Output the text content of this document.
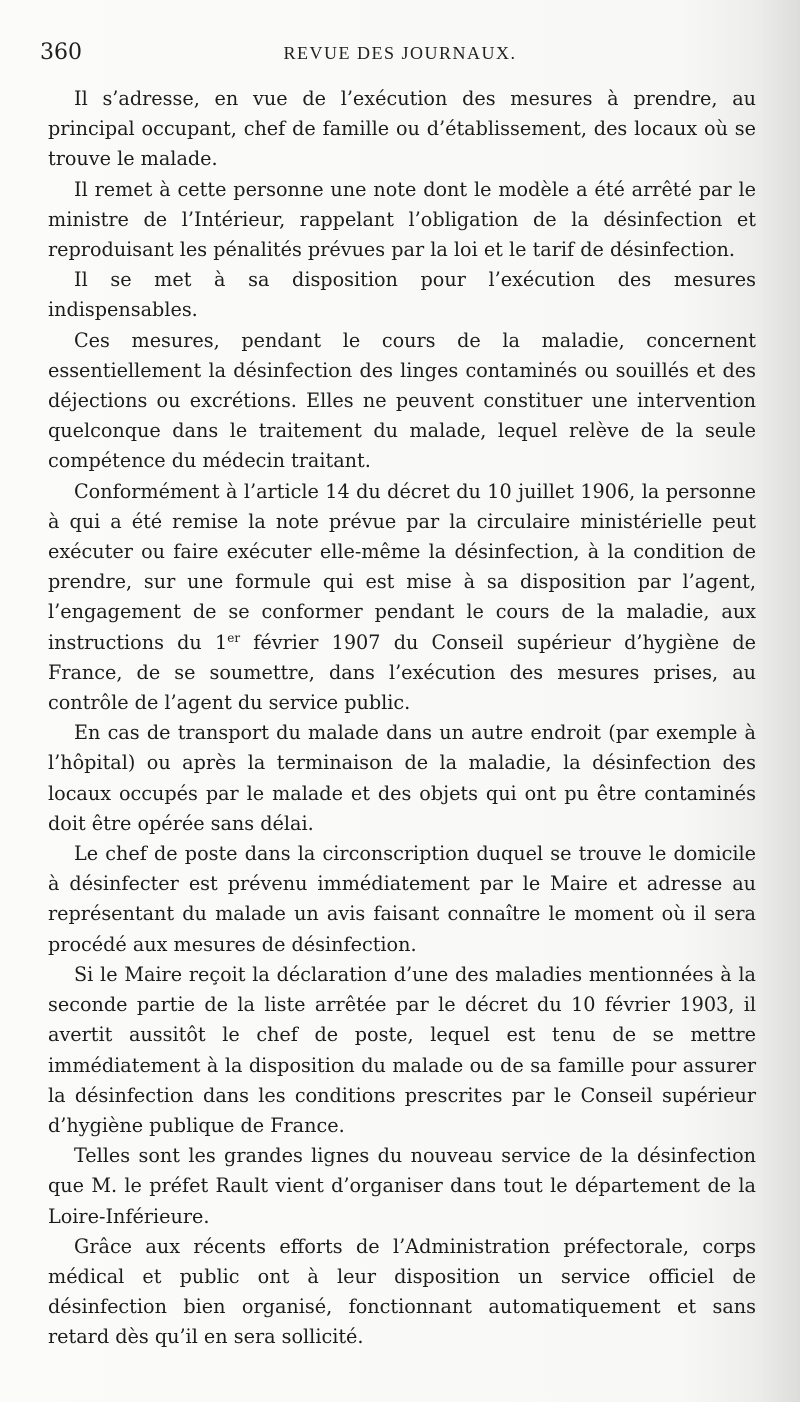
360	REVUE DES JOURNAUX.

Il s’adresse, en vue de l’exécution des mesures à prendre, au principal occupant, chef de famille ou d’établissement, des locaux où se trouve le malade.

Il remet à cette personne une note dont le modèle a été arrêté par le ministre de l’Intérieur, rappelant l’obligation de la désinfection et reproduisant les pénalités prévues par la loi et le tarif de désinfection.

Il se met à sa disposition pour l’exécution des mesures indispensables.

Ces mesures, pendant le cours de la maladie, concernent essentiellement la désinfection des linges contaminés ou souillés et des déjections ou excrétions. Elles ne peuvent constituer une intervention quelconque dans le traitement du malade, lequel relève de la seule compétence du médecin traitant.

Conformément à l’article 14 du décret du 10 juillet 1906, la personne à qui a été remise la note prévue par la circulaire ministérielle peut exécuter ou faire exécuter elle-même la désinfection, à la condition de prendre, sur une formule qui est mise à sa disposition par l’agent, l’engagement de se conformer pendant le cours de la maladie, aux instructions du 1er février 1907 du Conseil supérieur d’hygiène de France, de se soumettre, dans l’exécution des mesures prises, au contrôle de l’agent du service public.

En cas de transport du malade dans un autre endroit (par exemple à l’hôpital) ou après la terminaison de la maladie, la désinfection des locaux occupés par le malade et des objets qui ont pu être contaminés doit être opérée sans délai.

Le chef de poste dans la circonscription duquel se trouve le domicile à désinfecter est prévenu immédiatement par le Maire et adresse au représentant du malade un avis faisant connaître le moment où il sera procédé aux mesures de désinfection.

Si le Maire reçoit la déclaration d’une des maladies mentionnées à la seconde partie de la liste arrêtée par le décret du 10 février 1903, il avertit aussitôt le chef de poste, lequel est tenu de se mettre immédiatement à la disposition du malade ou de sa famille pour assurer la désinfection dans les conditions prescrites par le Conseil supérieur d’hygiène publique de France.

Telles sont les grandes lignes du nouveau service de la désinfection que M. le préfet Rault vient d’organiser dans tout le département de la Loire-Inférieure.

Grâce aux récents efforts de l’Administration préfectorale, corps médical et public ont à leur disposition un service officiel de désinfection bien organisé, fonctionnant automatiquement et sans retard dès qu’il en sera sollicité.
